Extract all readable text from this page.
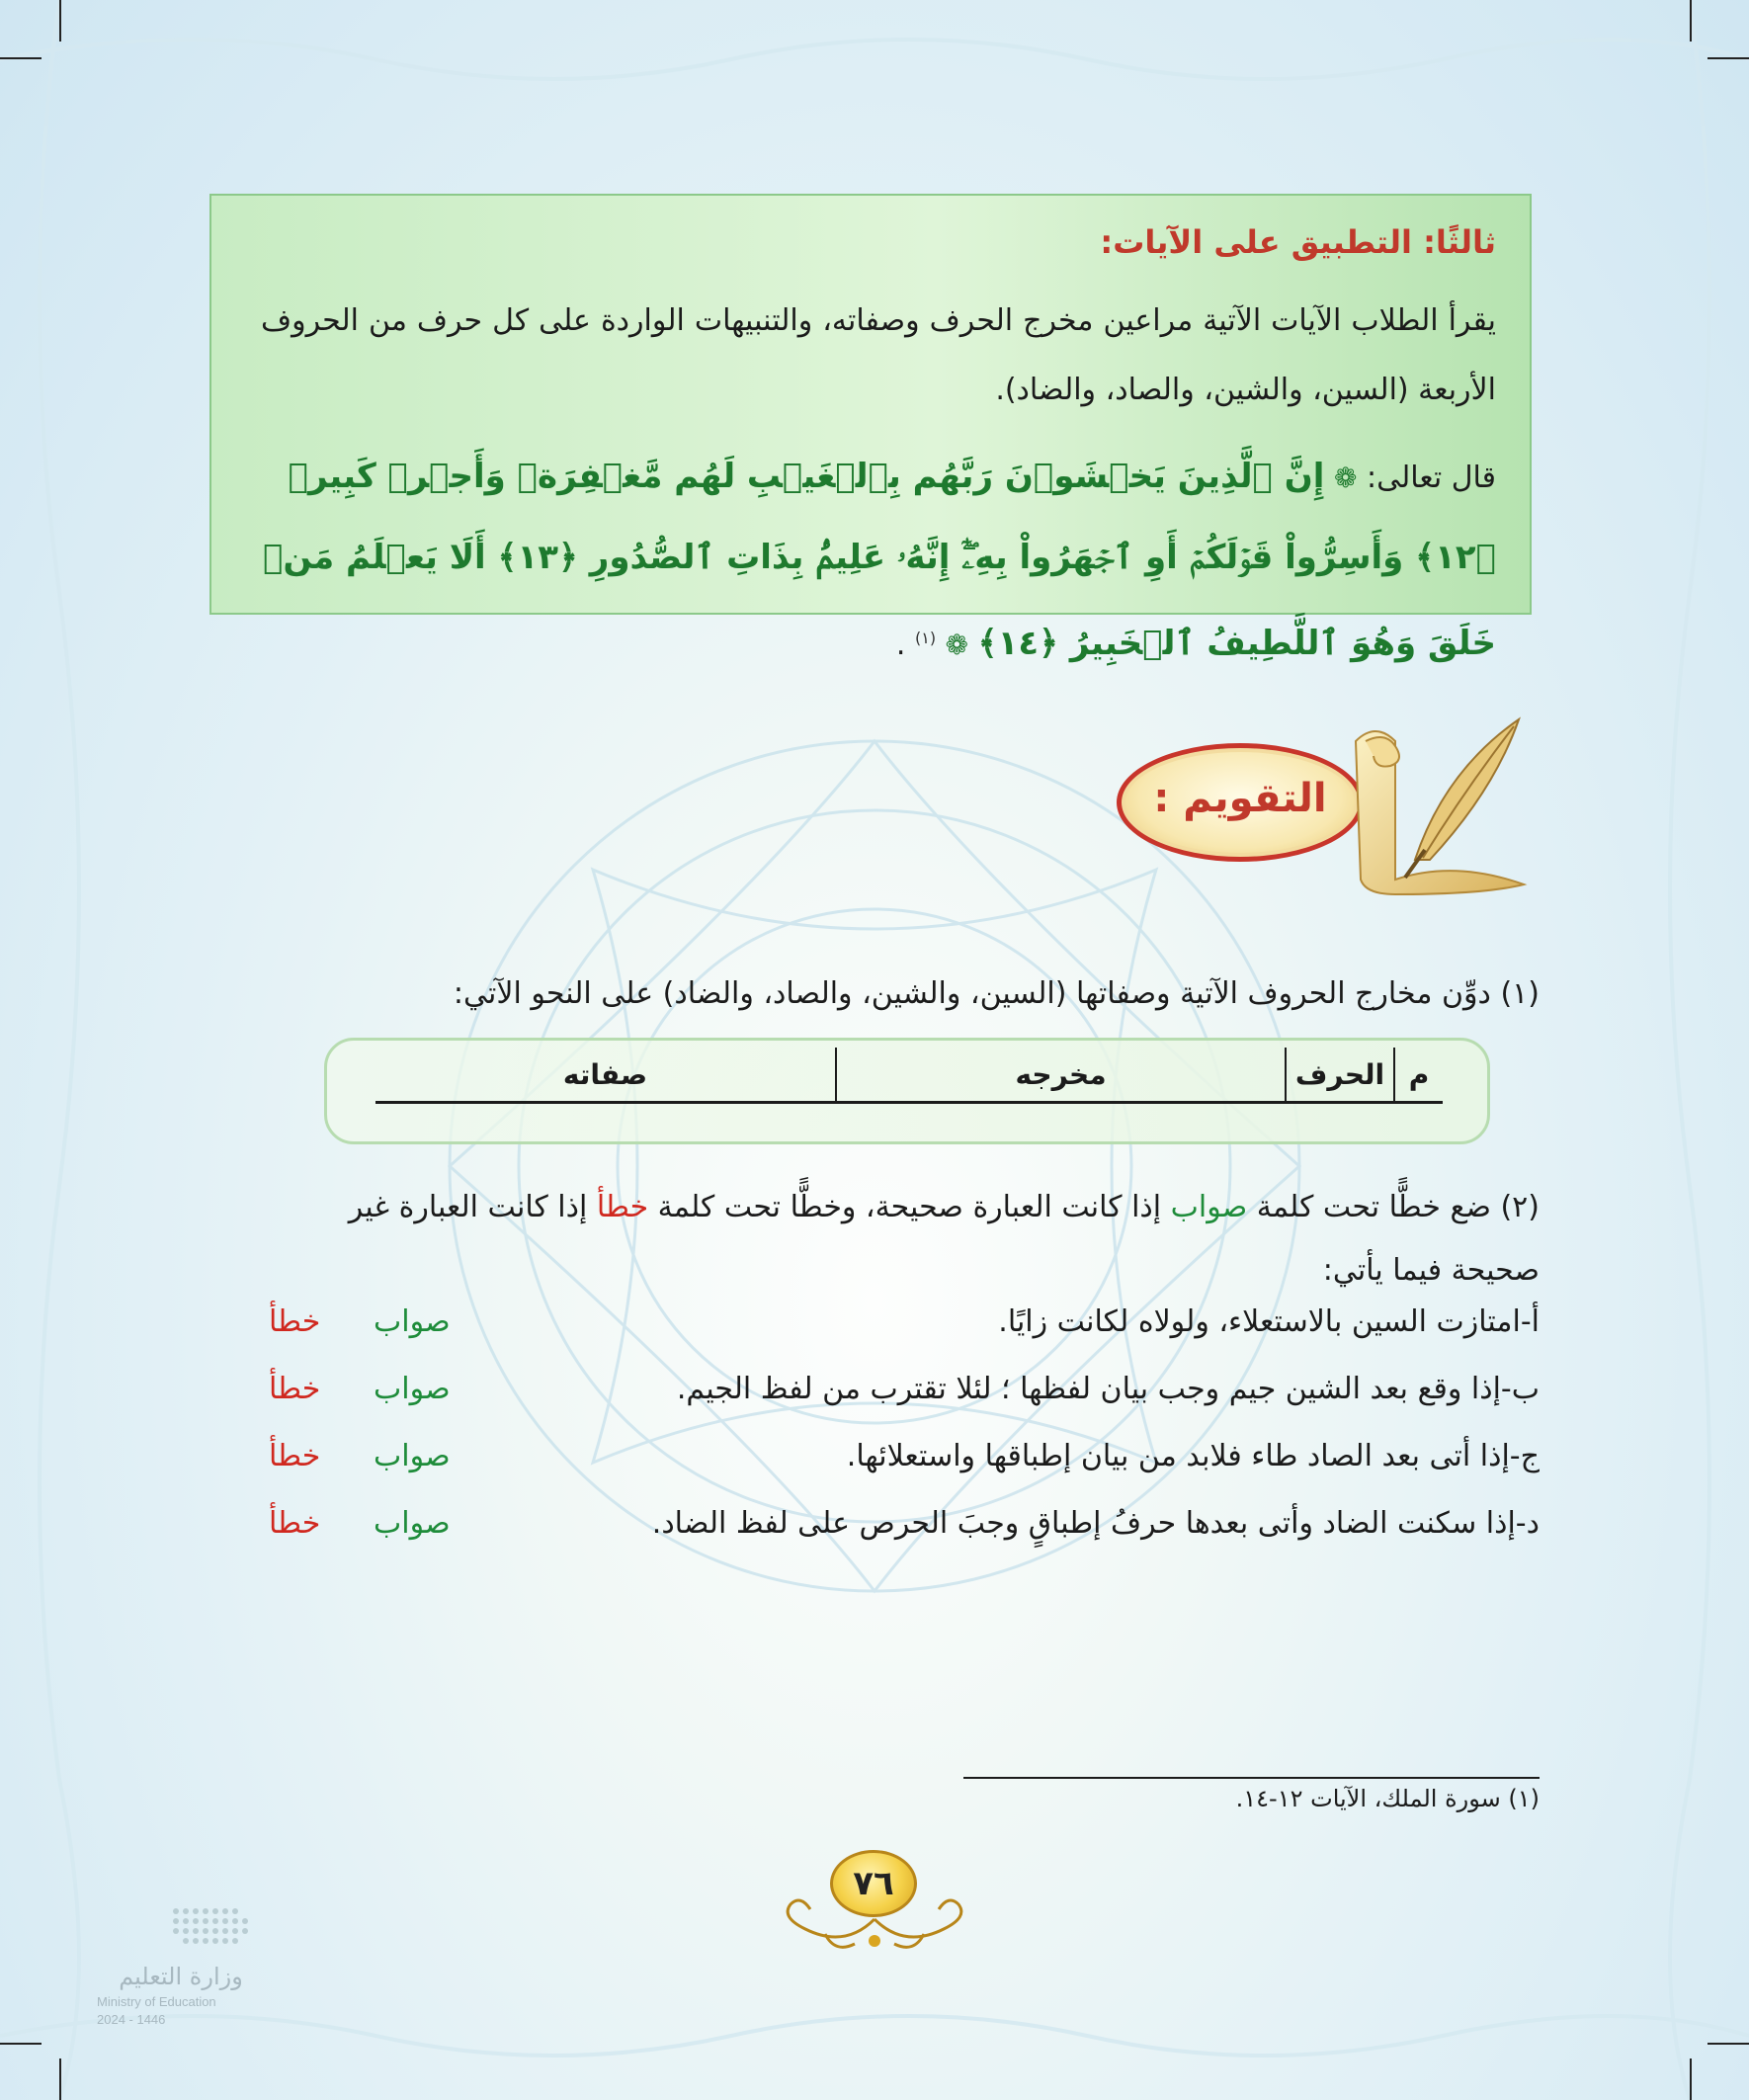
ثالثًا: التطبيق على الآيات:

يقرأ الطلاب الآيات الآتية مراعين مخرج الحرف وصفاته، والتنبيهات الواردة على كل حرف من الحروف الأربعة (السين، والشين، والصاد، والضاد).

قال تعالى: ❁ إِنَّ ٱلَّذِينَ يَخۡشَوۡنَ رَبَّهُم بِٱلۡغَيۡبِ لَهُم مَّغۡفِرَةٞ وَأَجۡرٞ كَبِيرٞ ﴿١٢﴾ وَأَسِرُّواْ قَوۡلَكُمۡ أَوِ ٱجۡهَرُواْ بِهِۦٓۖ إِنَّهُۥ عَلِيمُۢ بِذَاتِ ٱلصُّدُورِ ﴿١٣﴾ أَلَا يَعۡلَمُ مَنۡ خَلَقَ وَهُوَ ٱللَّطِيفُ ٱلۡخَبِيرُ ﴿١٤﴾ ❁ $^{(١)}$ .
التقويم :

(١) دوِّن مخارج الحروف الآتية وصفاتها (السين، والشين، والصاد، والضاد) على النحو الآتي:

م
الحرف
مخرجه
صفاته

(٢) ضع خطًّا تحت كلمة صواب إذا كانت العبارة صحيحة، وخطًّا تحت كلمة خطأ إذا كانت العبارة غير صحيحة فيما يأتي:

أ-امتازت السين بالاستعلاء، ولولاه لكانت زايًا.
صواب
خطأ
ب-إذا وقع بعد الشين جيم وجب بيان لفظها ؛ لئلا تقترب من لفظ الجيم.
صواب
خطأ
ج-إذا أتى بعد الصاد طاء فلابد من بيان إطباقها واستعلائها.
صواب
خطأ
د-إذا سكنت الضاد وأتى بعدها حرفُ إطباقٍ وجبَ الحرص على لفظ الضاد.
صواب
خطأ

(١) سورة الملك، الآيات ١٢-١٤.

٧٦
وزارة التعليم
Ministry of Education
2024 - 1446
